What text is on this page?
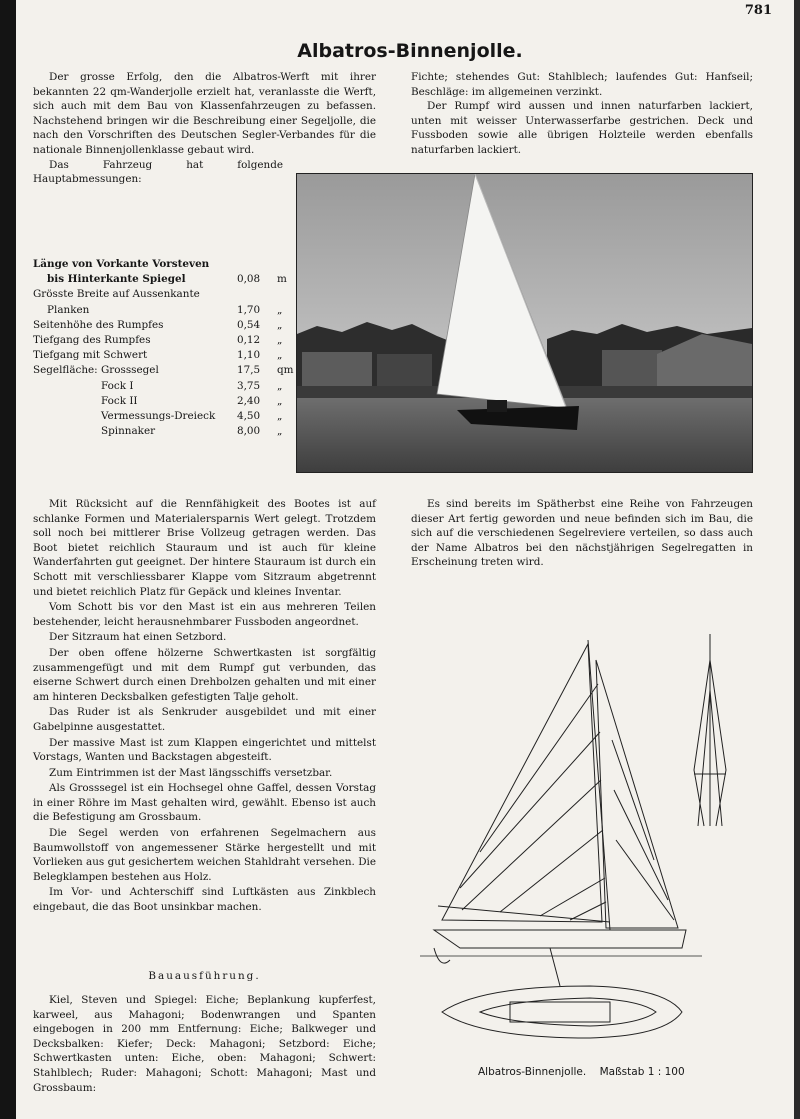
781
Albatros-Binnenjolle.

Der grosse Erfolg, den die Albatros-Werft mit ihrer bekannten 22 qm-Wanderjolle erzielt hat, veranlasste die Werft, sich auch mit dem Bau von Klassenfahrzeugen zu befassen. Nachstehend bringen wir die Beschreibung einer Segeljolle, die nach den Vorschriften des Deutschen Segler-Verbandes für die nationale Binnenjollenklasse gebaut wird.

Das Fahrzeug hat folgende Hauptabmessungen:

Fichte; stehendes Gut: Stahlblech; laufendes Gut: Hanfseil; Beschläge: im allgemeinen verzinkt.

Der Rumpf wird aussen und innen naturfarben lackiert, unten mit weisser Unterwasserfarbe gestrichen. Deck und Fussboden sowie alle übrigen Holzteile werden ebenfalls naturfarben lackiert.

Länge von Vorkante Vorsteven
bis Hinterkante Spiegel	0,08	m
Grösste Breite auf Aussenkante
Planken	1,70	„
Seitenhöhe des Rumpfes	0,54	„
Tiefgang des Rumpfes	0,12	„
Tiefgang mit Schwert	1,10	„
Segelfläche: Grosssegel	17,5	qm
Fock I	3,75	„
Fock II	2,40	„
Vermessungs-Dreieck	4,50	„
Spinnaker	8,00	„

Mit Rücksicht auf die Rennfähigkeit des Bootes ist auf schlanke Formen und Materialersparnis Wert gelegt. Trotzdem soll noch bei mittlerer Brise Vollzeug getragen werden. Das Boot bietet reichlich Stauraum und ist auch für kleine Wanderfahrten gut geeignet. Der hintere Stauraum ist durch ein Schott mit verschliessbarer Klappe vom Sitzraum abgetrennt und bietet reichlich Platz für Gepäck und kleines Inventar.

Vom Schott bis vor den Mast ist ein aus mehreren Teilen bestehender, leicht herausnehmbarer Fussboden angeordnet.

Der Sitzraum hat einen Setzbord.

Der oben offene hölzerne Schwertkasten ist sorgfältig zusammengefügt und mit dem Rumpf gut verbunden, das eiserne Schwert durch einen Drehbolzen gehalten und mit einer am hinteren Decksbalken gefestigten Talje geholt.

Das Ruder ist als Senkruder ausgebildet und mit einer Gabelpinne ausgestattet.

Der massive Mast ist zum Klappen eingerichtet und mittelst Vorstags, Wanten und Backstagen abgesteift.

Zum Eintrimmen ist der Mast längsschiffs versetzbar.

Als Grosssegel ist ein Hochsegel ohne Gaffel, dessen Vorstag in einer Röhre im Mast gehalten wird, gewählt. Ebenso ist auch die Befestigung am Grossbaum.

Die Segel werden von erfahrenen Segelmachern aus Baumwollstoff von angemessener Stärke hergestellt und mit Vorlieken aus gut gesichertem weichen Stahldraht versehen. Die Belegklampen bestehen aus Holz.

Im Vor- und Achterschiff sind Luftkästen aus Zinkblech eingebaut, die das Boot unsinkbar machen.

Es sind bereits im Spätherbst eine Reihe von Fahrzeugen dieser Art fertig geworden und neue befinden sich im Bau, die sich auf die verschiedenen Segelreviere verteilen, so dass auch der Name Albatros bei den nächstjährigen Segelregatten in Erscheinung treten wird.

Bauausführung.

Kiel, Steven und Spiegel: Eiche; Beplankung kupferfest, karweel, aus Mahagoni; Bodenwrangen und Spanten eingebogen in 200 mm Entfernung: Eiche; Balkweger und Decksbalken: Kiefer; Deck: Mahagoni; Setzbord: Eiche; Schwertkasten unten: Eiche, oben: Mahagoni; Schwert: Stahlblech; Ruder: Mahagoni; Schott: Mahagoni; Mast und Grossbaum:

Albatros-Binnenjolle. Maßstab 1 : 100
